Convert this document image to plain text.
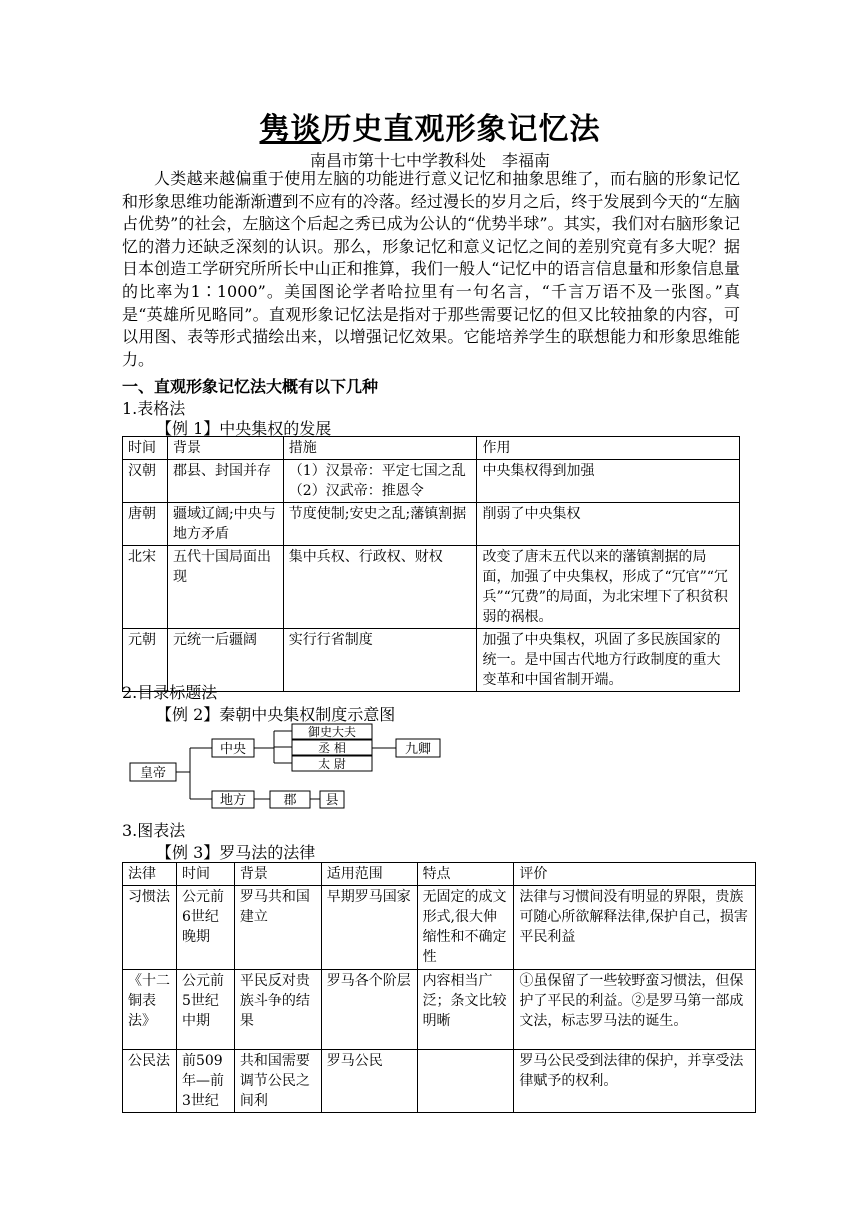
隽谈历史直观形象记忆法
南昌市第十七中学教科处　李福南
人类越来越偏重于使用左脑的功能进行意义记忆和抽象思维了，而右脑的形象记忆和形象思维功能渐渐遭到不应有的冷落。经过漫长的岁月之后，终于发展到今天的“左脑占优势”的社会，左脑这个后起之秀已成为公认的“优势半球”。其实，我们对右脑形象记忆的潜力还缺乏深刻的认识。那么，形象记忆和意义记忆之间的差别究竟有多大呢？据日本创造工学研究所所长中山正和推算，我们一般人“记忆中的语言信息量和形象信息量的比率为1∶1000”。美国图论学者哈拉里有一句名言，“千言万语不及一张图。”真是“英雄所见略同”。直观形象记忆法是指对于那些需要记忆的但又比较抽象的内容，可以用图、表等形式描绘出来，以增强记忆效果。它能培养学生的联想能力和形象思维能力。
一、直观形象记忆法大概有以下几种
1.表格法
【例 1】中央集权的发展
时间	背景	措施	作用
汉朝	郡县、封国并存	（1）汉景帝：平定七国之乱（2）汉武帝：推恩令	中央集权得到加强
唐朝	疆域辽阔;中央与地方矛盾	节度使制;安史之乱;藩镇割据	削弱了中央集权
北宋	五代十国局面出现	集中兵权、行政权、财权	改变了唐末五代以来的藩镇割据的局面，加强了中央集权，形成了“冗官”“冗兵”“冗费”的局面，为北宋埋下了积贫积弱的祸根。
元朝	元统一后疆阔	实行行省制度	加强了中央集权，巩固了多民族国家的统一。是中国古代地方行政制度的重大变革和中国省制开端。
2.目录标题法
【例 2】秦朝中央集权制度示意图
皇帝
中央
御史大夫
丞 相
太 尉
九卿
地方	郡 县
3.图表法
【例 3】罗马法的法律
法律	时间	背景	适用范围	特点	评价
习惯法	公元前6世纪晚期	罗马共和国建立	早期罗马国家	无固定的成文形式,很大伸缩性和不确定性	法律与习惯间没有明显的界限，贵族可随心所欲解释法律,保护自己，损害平民利益
《十二铜表法》	公元前5世纪中期	平民反对贵族斗争的结果	罗马各个阶层	内容相当广泛；条文比较明晰	①虽保留了一些较野蛮习惯法，但保护了平民的利益。②是罗马第一部成文法，标志罗马法的诞生。
公民法	前509年—前3世纪	共和国需要调节公民之间利	罗马公民		罗马公民受到法律的保护，并享受法律赋予的权利。
